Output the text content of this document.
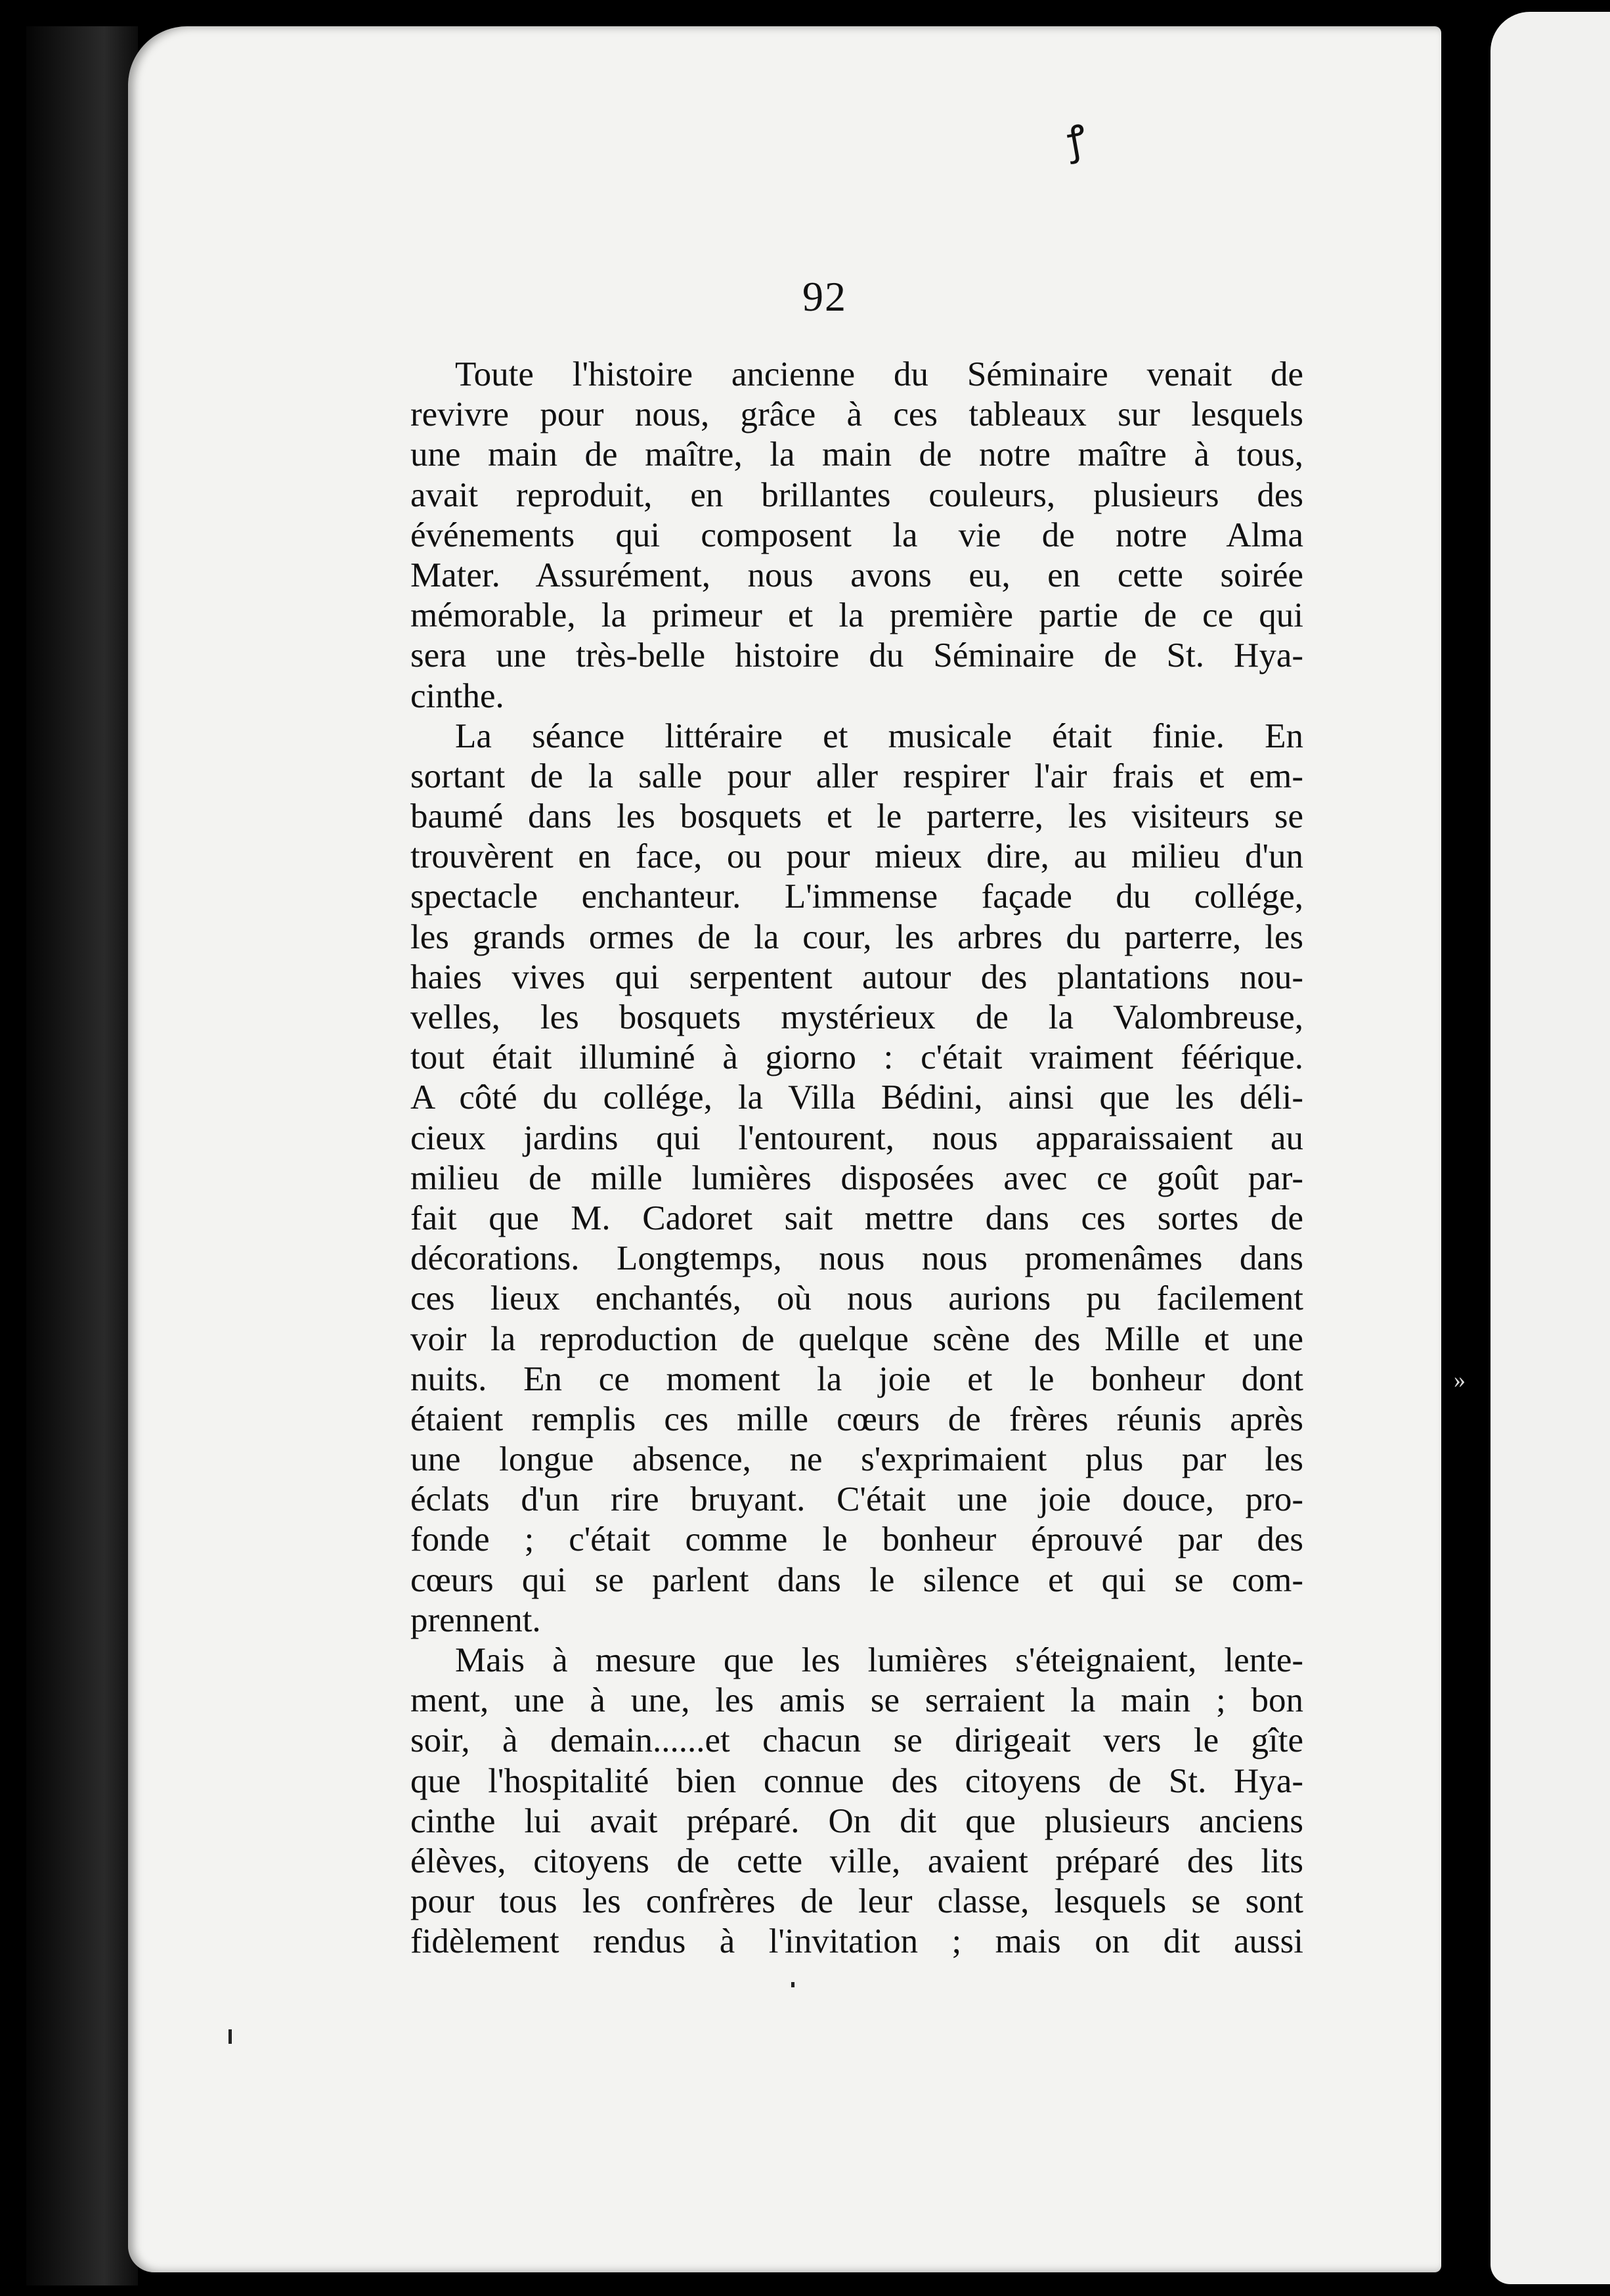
ꝭ
»
92
Toute l'histoire ancienne du Séminaire venait de
revivre pour nous, grâce à ces tableaux sur lesquels
une main de maître, la main de notre maître à tous,
avait reproduit, en brillantes couleurs, plusieurs des
événements qui composent la vie de notre Alma
Mater. Assurément, nous avons eu, en cette soirée
mémorable, la primeur et la première partie de ce qui
sera une très-belle histoire du Séminaire de St. Hya-
cinthe.
La séance littéraire et musicale était finie. En
sortant de la salle pour aller respirer l'air frais et em-
baumé dans les bosquets et le parterre, les visiteurs se
trouvèrent en face, ou pour mieux dire, au milieu d'un
spectacle enchanteur. L'immense façade du collége,
les grands ormes de la cour, les arbres du parterre, les
haies vives qui serpentent autour des plantations nou-
velles, les bosquets mystérieux de la Valombreuse,
tout était illuminé à giorno : c'était vraiment féérique.
A côté du collége, la Villa Bédini, ainsi que les déli-
cieux jardins qui l'entourent, nous apparaissaient au
milieu de mille lumières disposées avec ce goût par-
fait que M. Cadoret sait mettre dans ces sortes de
décorations. Longtemps, nous nous promenâmes dans
ces lieux enchantés, où nous aurions pu facilement
voir la reproduction de quelque scène des Mille et une
nuits. En ce moment la joie et le bonheur dont
étaient remplis ces mille cœurs de frères réunis après
une longue absence, ne s'exprimaient plus par les
éclats d'un rire bruyant. C'était une joie douce, pro-
fonde ; c'était comme le bonheur éprouvé par des
cœurs qui se parlent dans le silence et qui se com-
prennent.
Mais à mesure que les lumières s'éteignaient, lente-
ment, une à une, les amis se serraient la main ; bon
soir, à demain......et chacun se dirigeait vers le gîte
que l'hospitalité bien connue des citoyens de St. Hya-
cinthe lui avait préparé. On dit que plusieurs anciens
élèves, citoyens de cette ville, avaient préparé des lits
pour tous les confrères de leur classe, lesquels se sont
fidèlement rendus à l'invitation ; mais on dit aussi
